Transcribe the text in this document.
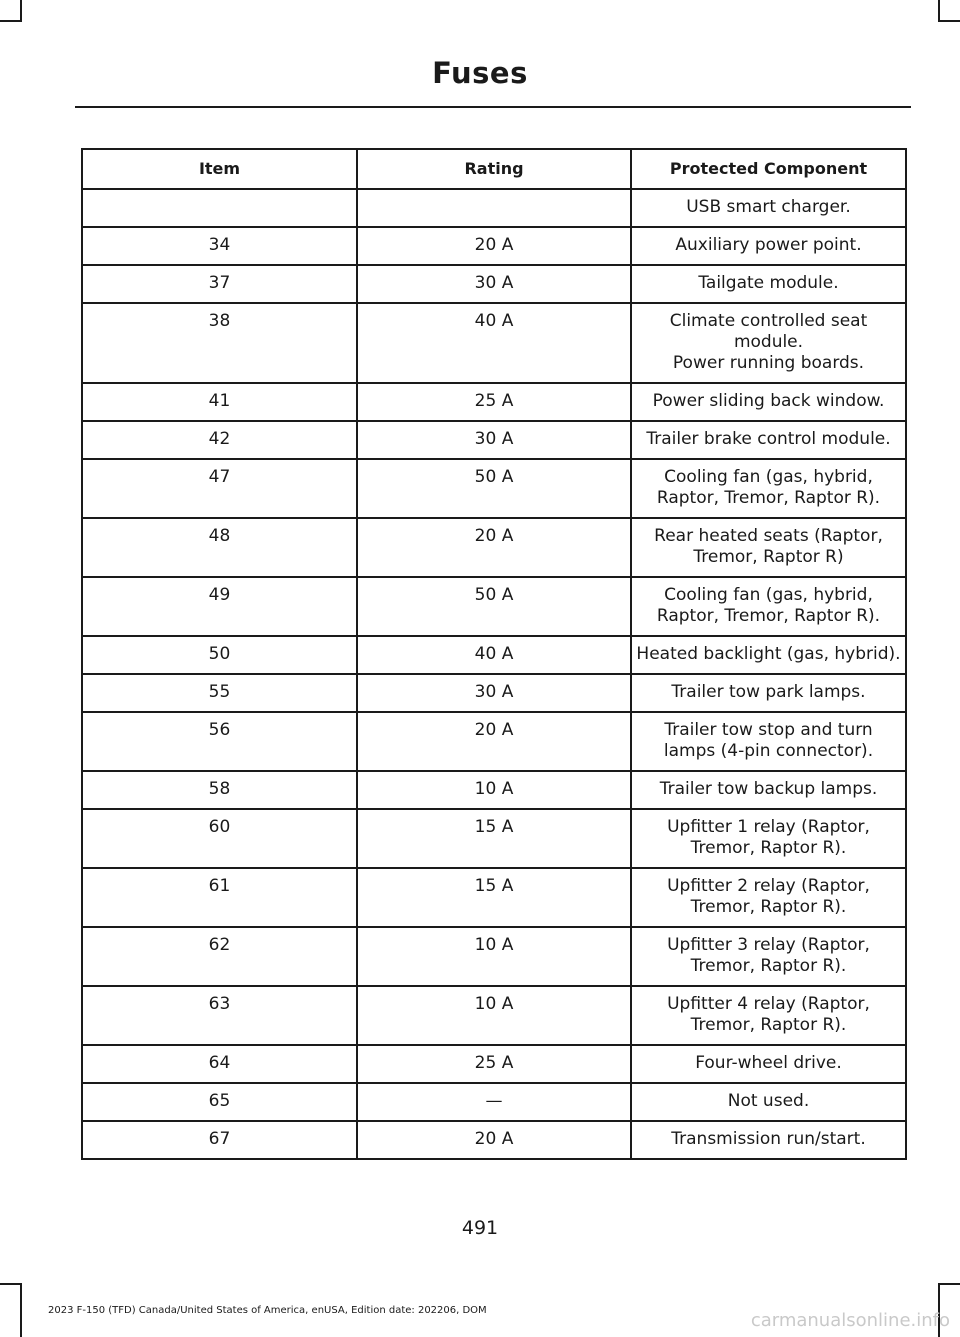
Fuses
Item	Rating	Protected Component

		USB smart charger.

34	20 A	Auxiliary power point.

37	30 A	Tailgate module.

38	40 A	Climate controlled seat module.
Power running boards.

41	25 A	Power sliding back window.

42	30 A	Trailer brake control module.

47	50 A	Cooling fan (gas, hybrid, Raptor, Tremor, Raptor R).

48	20 A	Rear heated seats (Raptor, Tremor, Raptor R)

49	50 A	Cooling fan (gas, hybrid, Raptor, Tremor, Raptor R).

50	40 A	Heated backlight (gas, hybrid).

55	30 A	Trailer tow park lamps.

56	20 A	Trailer tow stop and turn lamps (4-pin connector).

58	10 A	Trailer tow backup lamps.

60	15 A	Upfitter 1 relay (Raptor, Tremor, Raptor R).

61	15 A	Upfitter 2 relay (Raptor, Tremor, Raptor R).

62	10 A	Upfitter 3 relay (Raptor, Tremor, Raptor R).

63	10 A	Upfitter 4 relay (Raptor, Tremor, Raptor R).

64	25 A	Four-wheel drive.

65	—	Not used.

67	20 A	Transmission run/start.
491
2023 F-150 (TFD) Canada/United States of America, enUSA, Edition date: 202206, DOM	carmanualsonline.info
